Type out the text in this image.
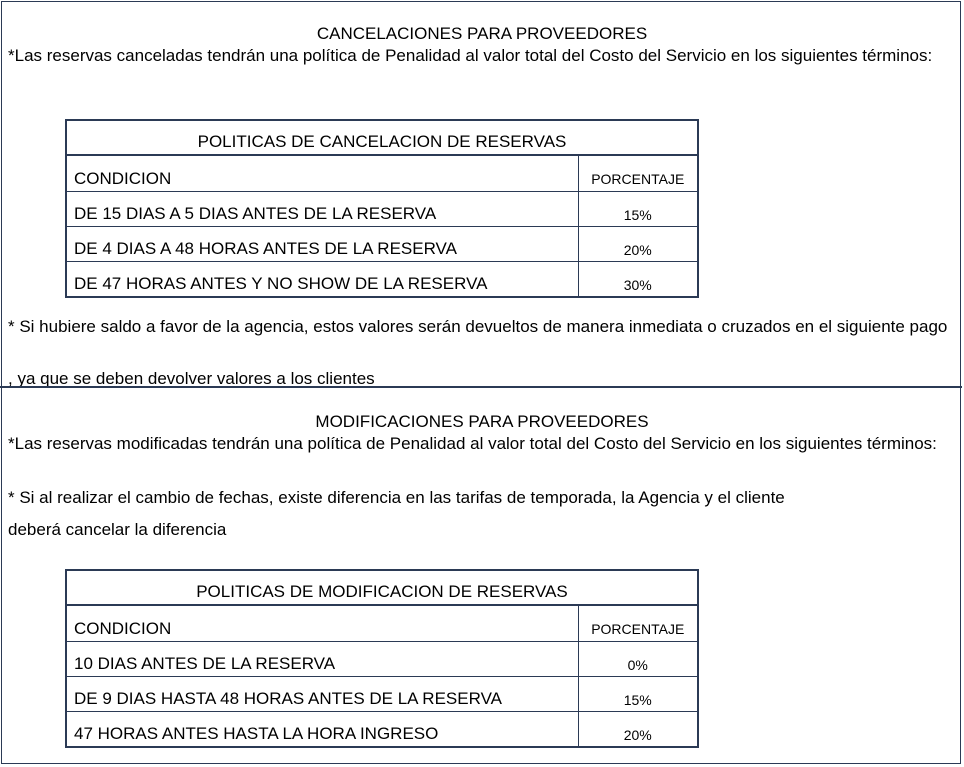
CANCELACIONES PARA PROVEEDORES
*Las reservas canceladas tendrán una política de Penalidad al valor total del Costo del Servicio en los siguientes términos:
POLITICAS DE CANCELACION DE RESERVAS	
CONDICION	PORCENTAJE
DE 15 DIAS A 5 DIAS ANTES DE LA RESERVA	15%
DE 4 DIAS A 48 HORAS ANTES DE LA RESERVA	20%
DE 47 HORAS ANTES Y NO SHOW DE LA RESERVA	30%
* Si hubiere saldo a favor de la agencia, estos valores serán devueltos de manera inmediata o cruzados en el siguiente pago
, ya que se deben devolver valores a los clientes
MODIFICACIONES PARA PROVEEDORES
*Las reservas modificadas tendrán una política de Penalidad al valor total del Costo del Servicio en los siguientes términos:
* Si al realizar el cambio de fechas, existe diferencia en las tarifas de temporada, la Agencia y el cliente
deberá cancelar la diferencia
POLITICAS DE MODIFICACION DE RESERVAS	
CONDICION	PORCENTAJE
10 DIAS ANTES DE LA RESERVA	0%
DE 9 DIAS HASTA 48 HORAS ANTES DE LA RESERVA	15%
47 HORAS ANTES HASTA LA HORA INGRESO	20%
